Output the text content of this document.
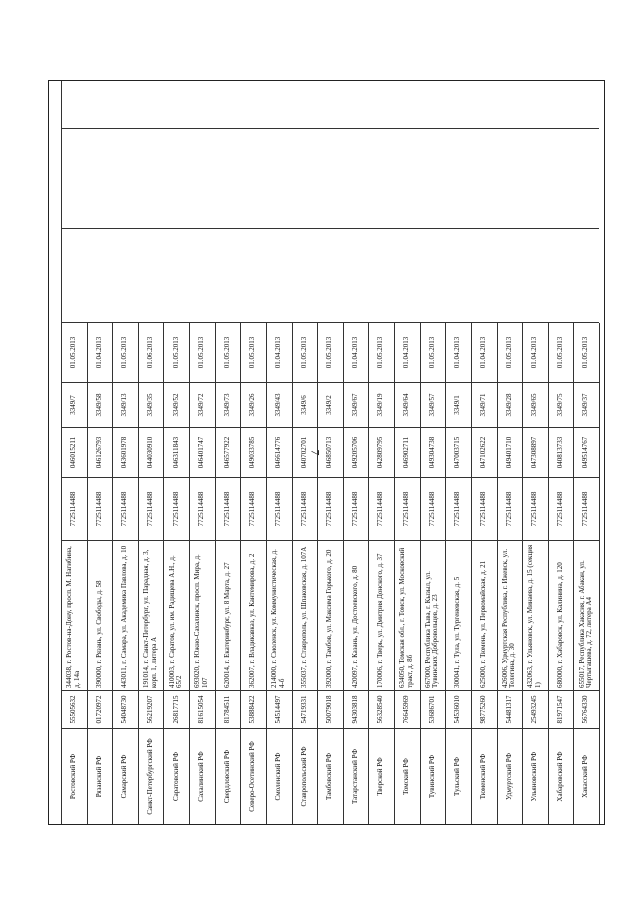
7
Ростовский РФ
55505632
344038, г. Ростов-на-Дону, просп. М. Нагибина, д. 14а
7725114488
046015211
3349/7
01.05.2013
Рязанский РФ
01720972
390000, г. Рязань, ул. Свободы, д. 58
7725114488
046126793
3349/58
01.04.2013
Самарский РФ
54048730
443011, г. Самара, ул. Академика Павлова, д. 10
7725114488
043601978
3349/13
01.05.2013
Санкт-Петербургский РФ
56219207
191014, г. Санкт-Петербург, ул. Парадная, д. 3, корп. 1, литера А
7725114488
044030910
3349/35
01.06.2013
Саратовский РФ
26817715
410003, г. Саратов, ул. им. Радищева А.Н., д. 65/2
7725114488
046311843
3349/52
01.05.2013
Сахалинский РФ
81615054
693020, г. Южно-Сахалинск, просп. Мира, д. 107
7725114488
046401747
3349/72
01.05.2013
Свердловский РФ
81784511
620014, г. Екатеринбург, ул. 8 Марта, д. 27
7725114488
046577922
3349/73
01.05.2013
Северо-Осетинский РФ
53888422
362007, г. Владикавказ, ул. Кантемирова, д. 2
7725114488
049033785
3349/26
01.05.2013
Смоленский РФ
54514497
214000, г. Смоленск, ул. Коммунистическая, д. 4-б
7725114488
046614776
3349/43
01.04.2013
Ставропольский РФ
54719331
355037, г. Ставрополь, ул. Шпаковская, д. 107А
7725114488
040702701
3349/6
01.05.2013
Тамбовский РФ
50079018
392000, г. Тамбов, ул. Максима Горького, д. 20
7725114488
046850713
3349/2
01.05.2013
Татарстанский РФ
94303818
420097, г. Казань, ул. Достоевского, д. 80
7725114488
049205706
3349/67
01.04.2013
Тверской РФ
56328540
170006, г. Тверь, ул. Дмитрия Донского, д. 37
7725114488
042809795
3349/19
01.05.2013
Томский РФ
76645969
634050, Томская обл., г. Томск, ул. Московский тракт, д. 8б
7725114488
046902711
3349/64
01.04.2013
Тувинский РФ
53686701
667000, Республика Тыва, г. Кызыл, ул. Тувинских Добровольцев, д. 23
7725114488
049304738
3349/57
01.05.2013
Тульский РФ
54536010
300041, г. Тула, ул. Тургеневская, д. 5
7725114488
047003715
3349/1
01.04.2013
Тюменский РФ
98775260
625000, г. Тюмень, ул. Первомайская, д. 21
7725114488
047102622
3349/71
01.04.2013
Удмуртский РФ
54481317
426006, Удмуртская Республика, г. Ижевск, ул. Телегина, д. 30
7725114488
049401710
3349/28
01.05.2013
Ульяновский РФ
25493245
432063, г. Ульяновск, ул. Минаева, д. 15 (секция 1)
7725114488
047308897
3349/65
01.04.2013
Хабаровский РФ
81971547
680000, г. Хабаровск, ул. Калинина, д. 120
7725114488
040813733
3349/75
01.05.2013
Хакасский РФ
56764330
655017, Республика Хакасия, г. Абакан, ул. Чертыгашева, д. 72, литера А4
7725114488
049514767
3349/37
01.05.2013
